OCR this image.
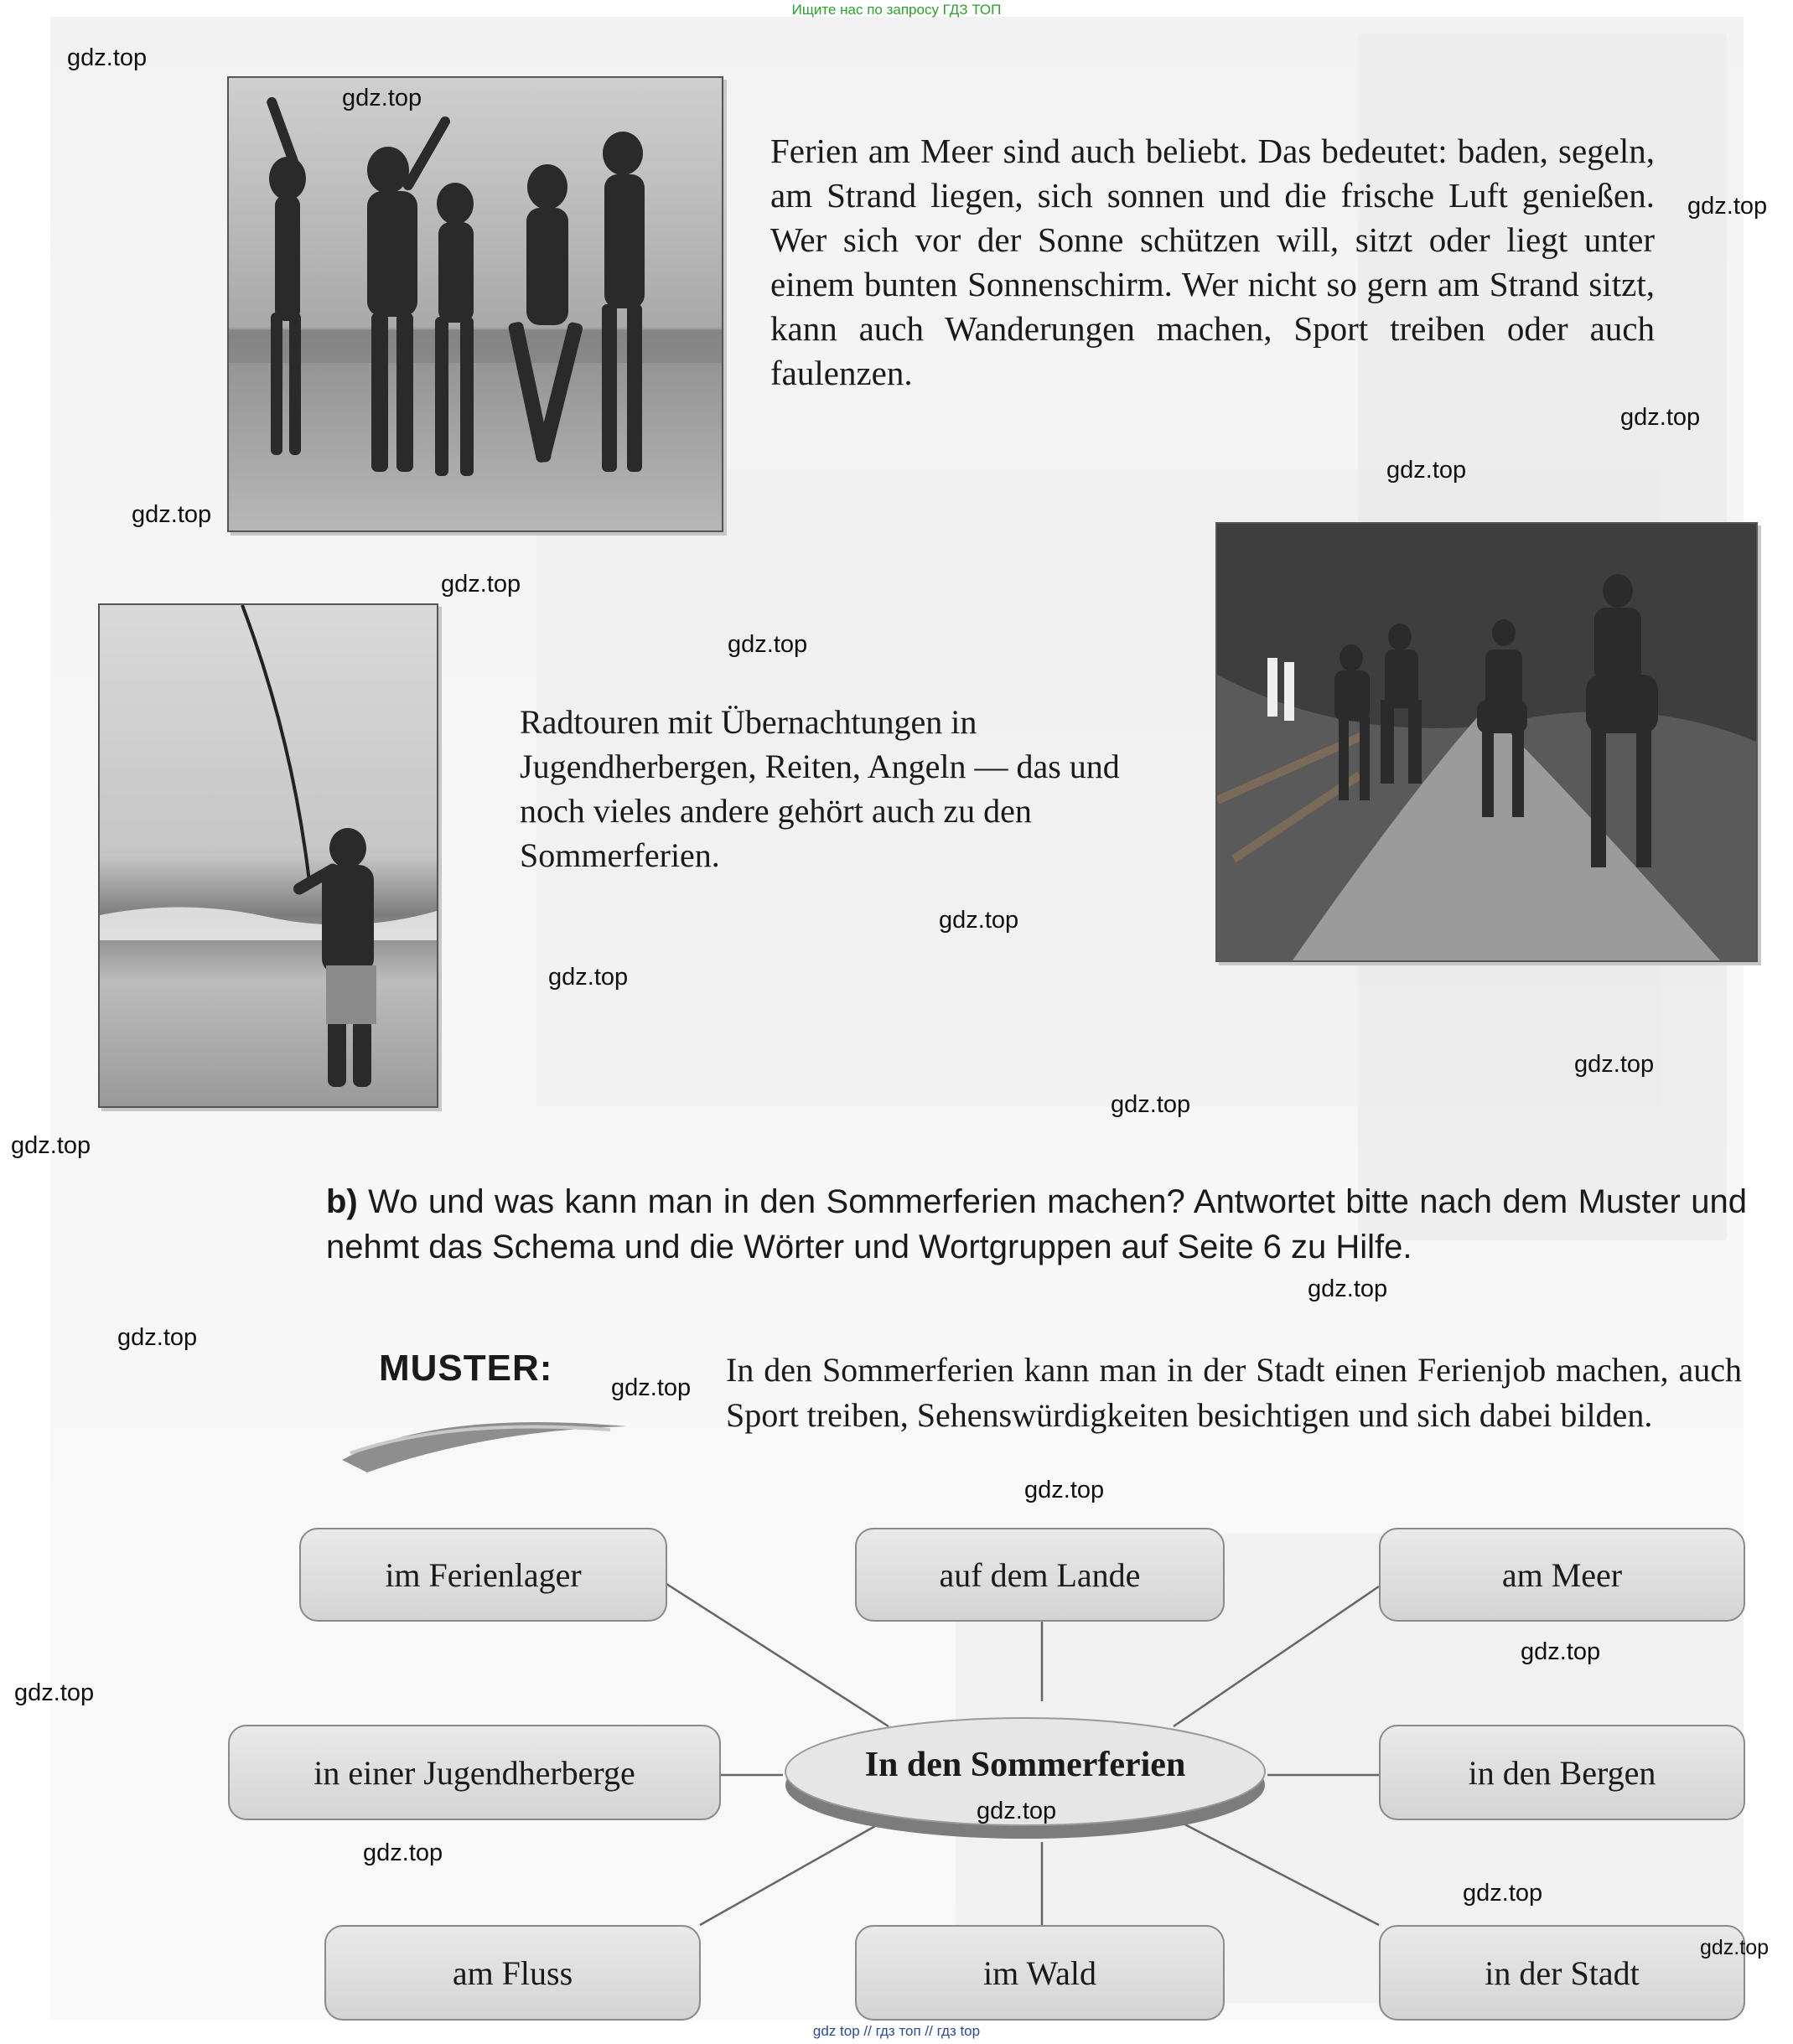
Ищите нас по запросу ГДЗ ТОП
Ferien am Meer sind auch beliebt. Das bedeutet: baden, segeln, am Strand liegen, sich sonnen und die frische Luft genießen. Wer sich vor der Sonne schützen will, sitzt oder liegt unter einem bunten Sonnenschirm. Wer nicht so gern am Strand sitzt, kann auch Wanderungen machen, Sport treiben oder auch faulenzen.
Radtouren mit Übernachtungen in Jugendherbergen, Reiten, Angeln — das und noch vieles andere gehört auch zu den Sommerferien.
b) Wo und was kann man in den Sommerferien machen? Antwortet bitte nach dem Muster und nehmt das Schema und die Wörter und Wortgruppen auf Seite 6 zu Hilfe.
MUSTER:	In den Sommerferien kann man in der Stadt einen Ferienjob machen, auch Sport treiben, Sehenswürdigkeiten besichtigen und sich dabei bilden.
im Ferienlager	auf dem Lande	am Meer
in einer Jugendherberge	in den Bergen
am Fluss	im Wald	in der Stadt
In den Sommerferien
gdz.top
gdz.top
gdz.top
gdz.top
gdz.top
gdz.top
gdz.top
gdz.top
gdz.top
gdz.top
gdz.top
gdz.top
gdz.top
gdz.top
gdz.top
gdz.top
gdz.top
gdz.top
gdz.top
gdz.top
gdz.top
gdz.top
gdz.top
gdz top // гдз топ // гдз top
